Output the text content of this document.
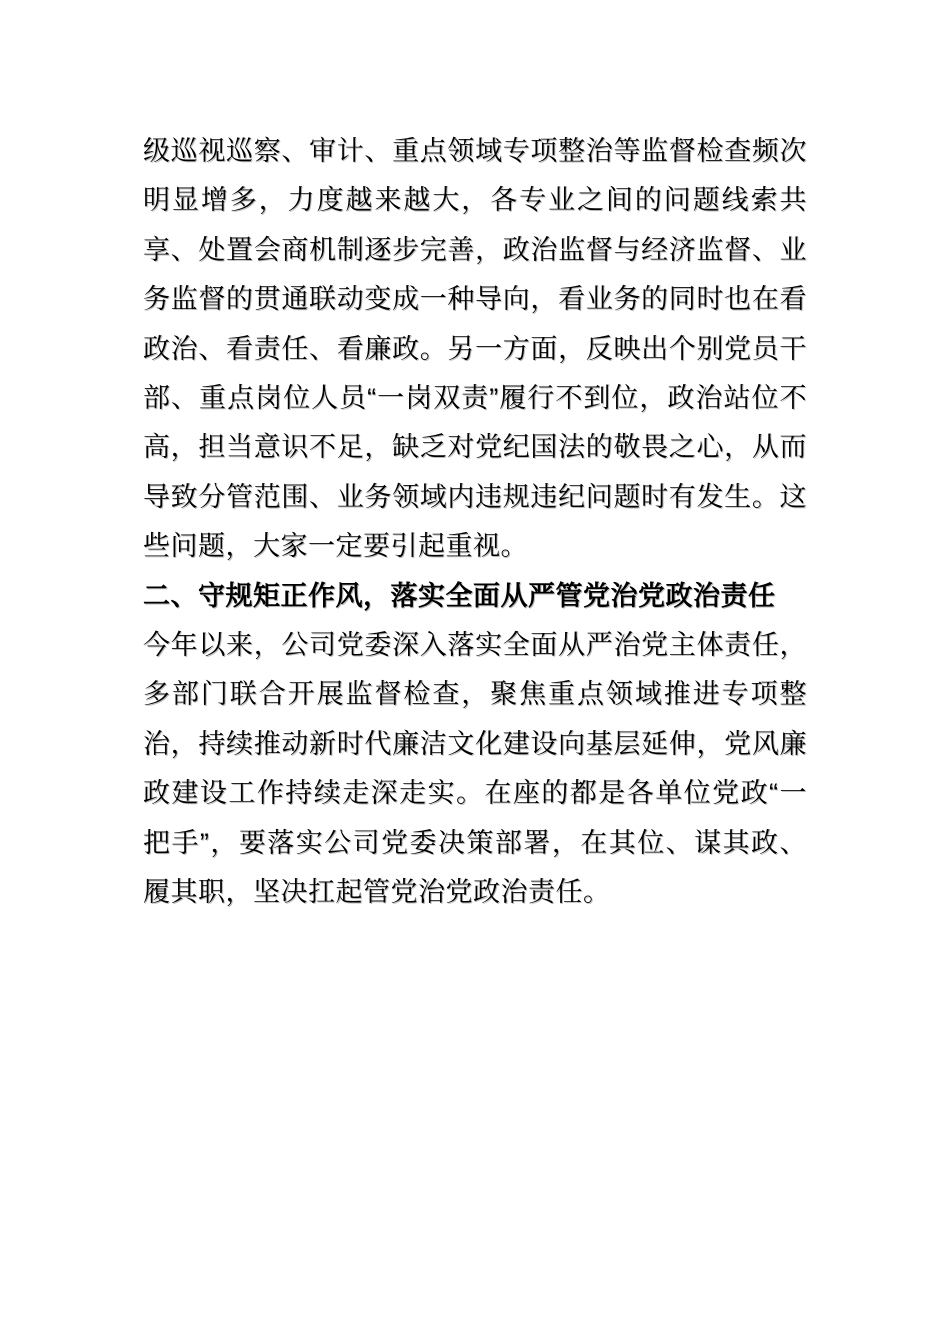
级巡视巡察、审计、重点领域专项整治等监督检查频次明显增多，力度越来越大，各专业之间的问题线索共享、处置会商机制逐步完善，政治监督与经济监督、业务监督的贯通联动变成一种导向，看业务的同时也在看政治、看责任、看廉政。另一方面，反映出个别党员干部、重点岗位人员“一岗双责”履行不到位，政治站位不高，担当意识不足，缺乏对党纪国法的敬畏之心，从而导致分管范围、业务领域内违规违纪问题时有发生。这些问题，大家一定要引起重视。

二、守规矩正作风，落实全面从严管党治党政治责任

今年以来，公司党委深入落实全面从严治党主体责任，多部门联合开展监督检查，聚焦重点领域推进专项整治，持续推动新时代廉洁文化建设向基层延伸，党风廉政建设工作持续走深走实。在座的都是各单位党政“一把手”，要落实公司党委决策部署，在其位、谋其政、履其职，坚决扛起管党治党政治责任。
